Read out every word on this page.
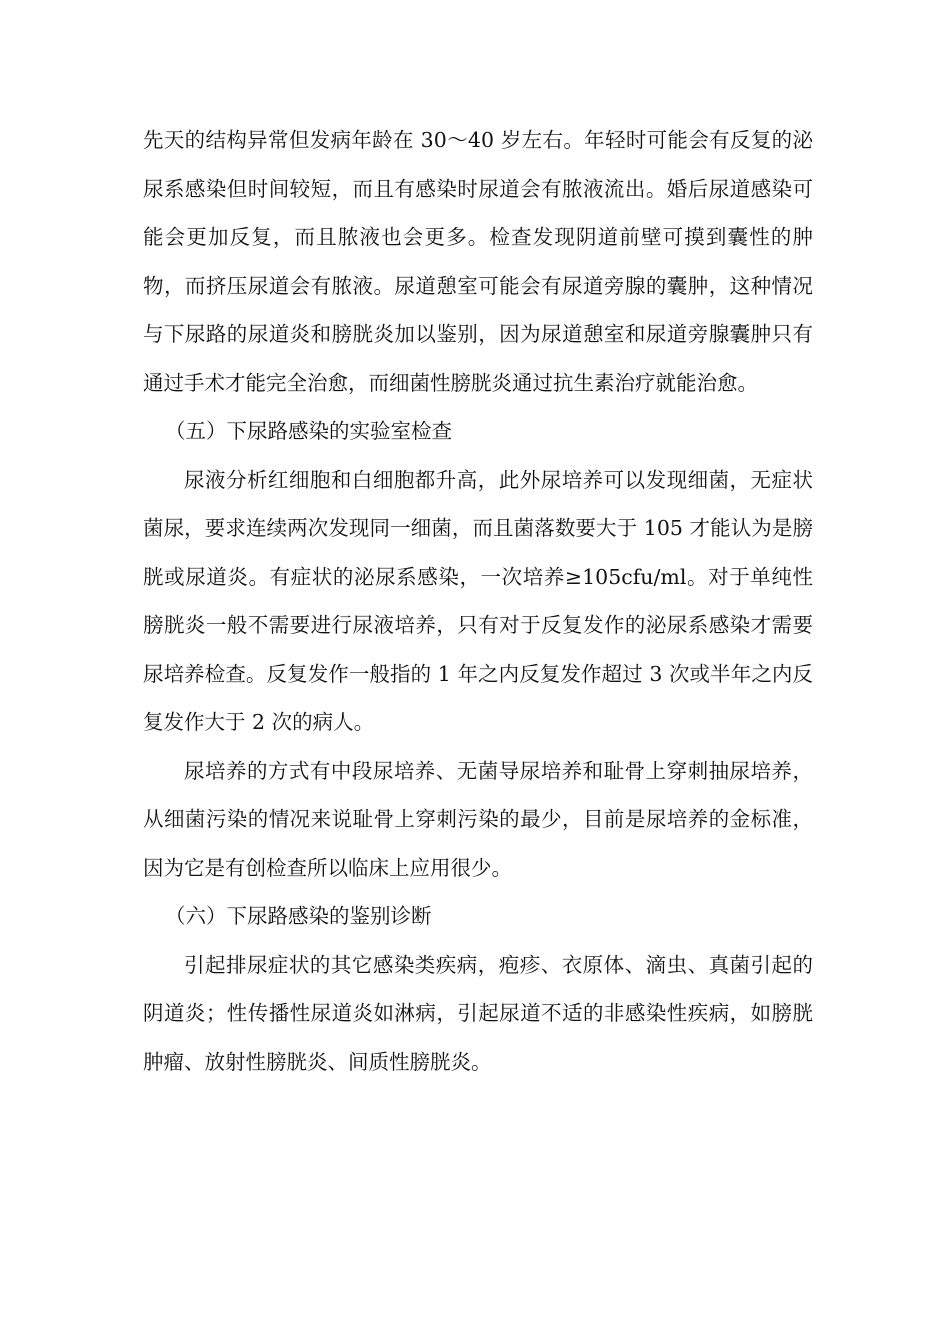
先天的结构异常但发病年龄在 30～40 岁左右。年轻时可能会有反复的泌尿系感染但时间较短，而且有感染时尿道会有脓液流出。婚后尿道感染可能会更加反复，而且脓液也会更多。检查发现阴道前壁可摸到囊性的肿物，而挤压尿道会有脓液。尿道憩室可能会有尿道旁腺的囊肿，这种情况与下尿路的尿道炎和膀胱炎加以鉴别，因为尿道憩室和尿道旁腺囊肿只有通过手术才能完全治愈，而细菌性膀胱炎通过抗生素治疗就能治愈。

（五）下尿路感染的实验室检查

尿液分析红细胞和白细胞都升高，此外尿培养可以发现细菌，无症状菌尿，要求连续两次发现同一细菌，而且菌落数要大于 105 才能认为是膀胱或尿道炎。有症状的泌尿系感染，一次培养≥105cfu/ml。对于单纯性膀胱炎一般不需要进行尿液培养，只有对于反复发作的泌尿系感染才需要尿培养检查。反复发作一般指的 1 年之内反复发作超过 3 次或半年之内反复发作大于 2 次的病人。

尿培养的方式有中段尿培养、无菌导尿培养和耻骨上穿刺抽尿培养，从细菌污染的情况来说耻骨上穿刺污染的最少，目前是尿培养的金标准，因为它是有创检查所以临床上应用很少。

（六）下尿路感染的鉴别诊断

引起排尿症状的其它感染类疾病，疱疹、衣原体、滴虫、真菌引起的阴道炎；性传播性尿道炎如淋病，引起尿道不适的非感染性疾病，如膀胱肿瘤、放射性膀胱炎、间质性膀胱炎。
